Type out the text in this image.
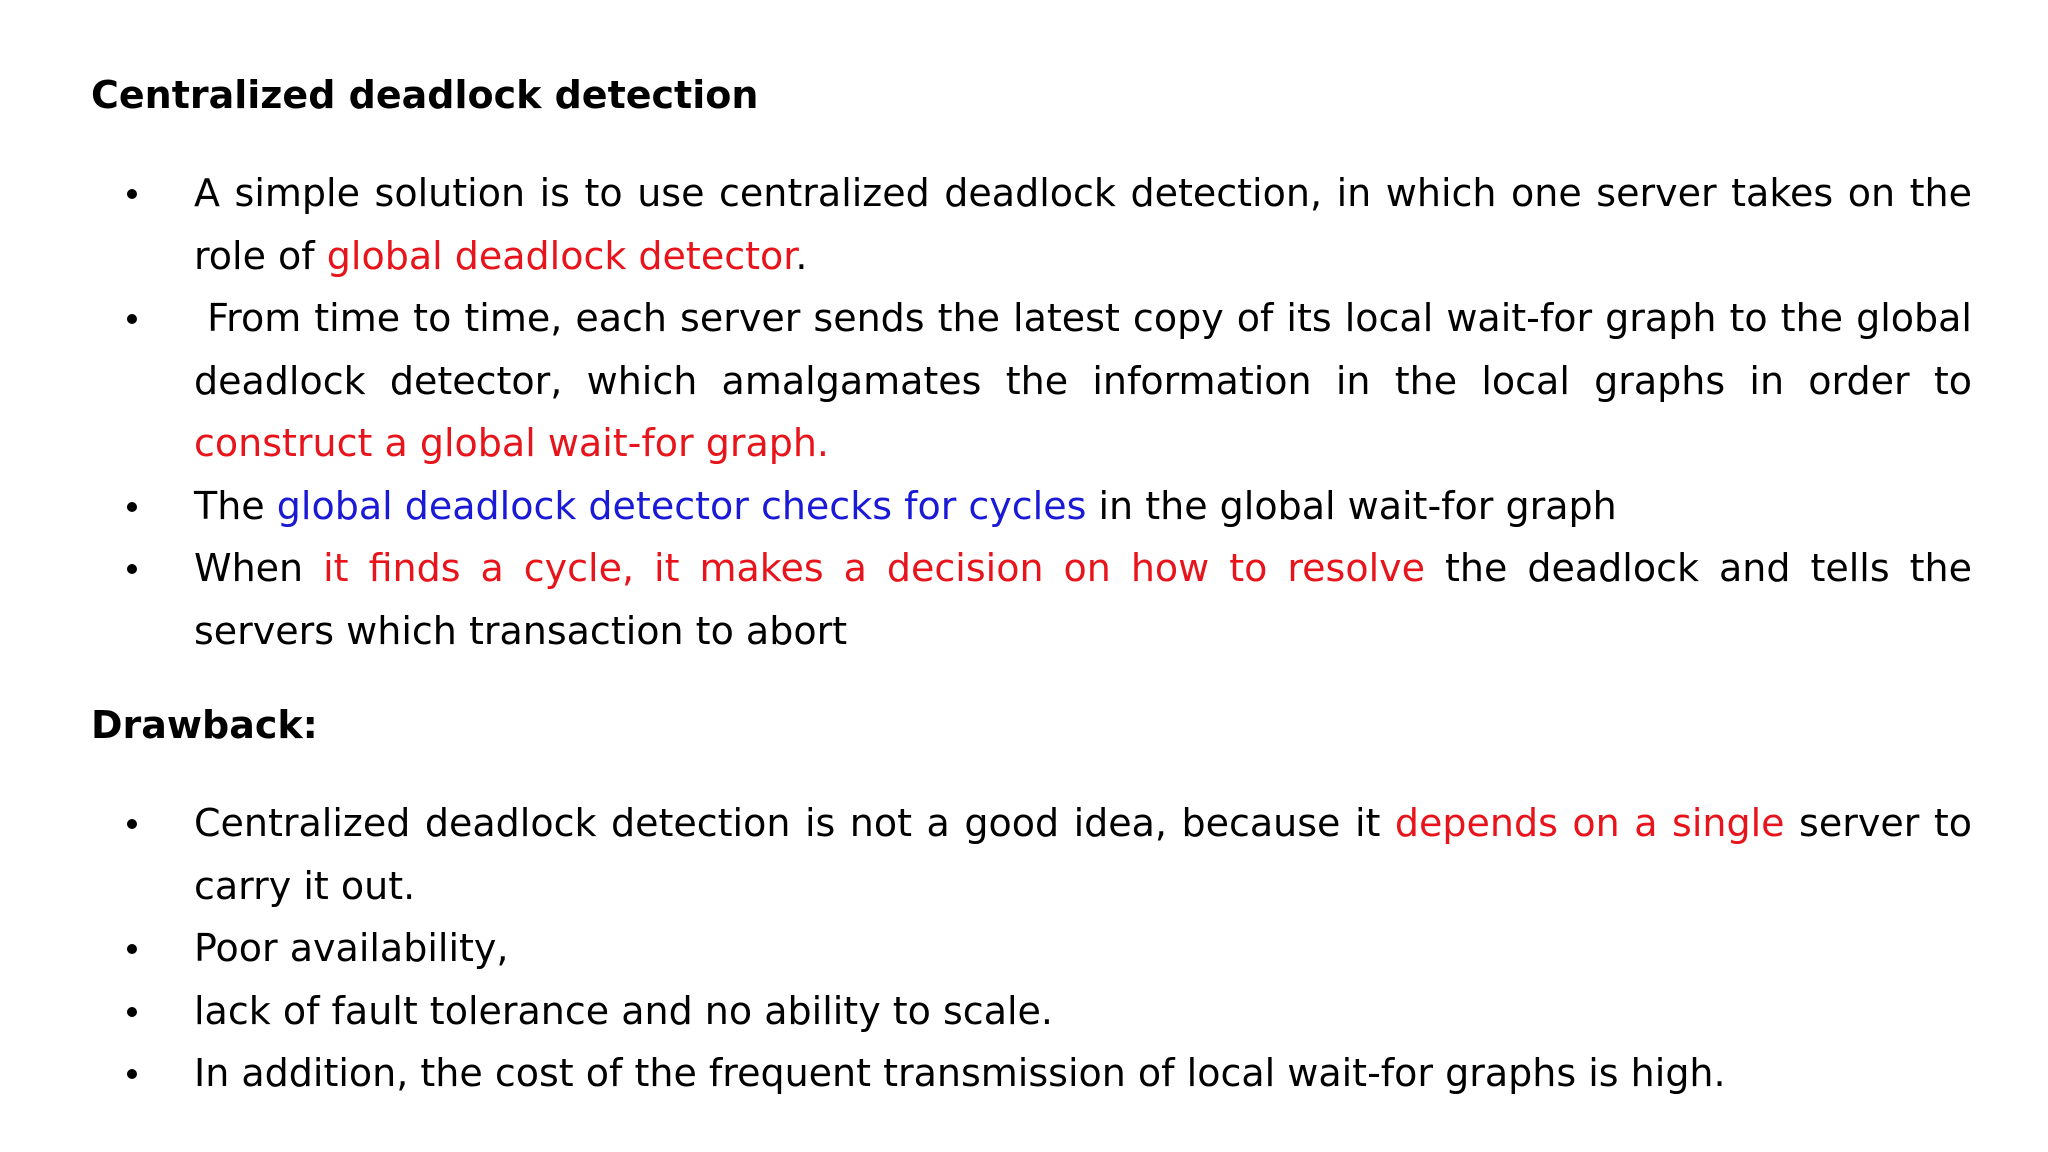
Centralized deadlock detection
A simple solution is to use centralized deadlock detection, in which one server takes on the role of global deadlock detector.
From time to time, each server sends the latest copy of its local wait-for graph to the global deadlock detector, which amalgamates the information in the local graphs in order to construct a global wait-for graph.
The global deadlock detector checks for cycles in the global wait-for graph
When it finds a cycle, it makes a decision on how to resolve the deadlock and tells the servers which transaction to abort
Drawback:
Centralized deadlock detection is not a good idea, because it depends on a single server to carry it out.
Poor availability,
lack of fault tolerance and no ability to scale.
In addition, the cost of the frequent transmission of local wait-for graphs is high.
